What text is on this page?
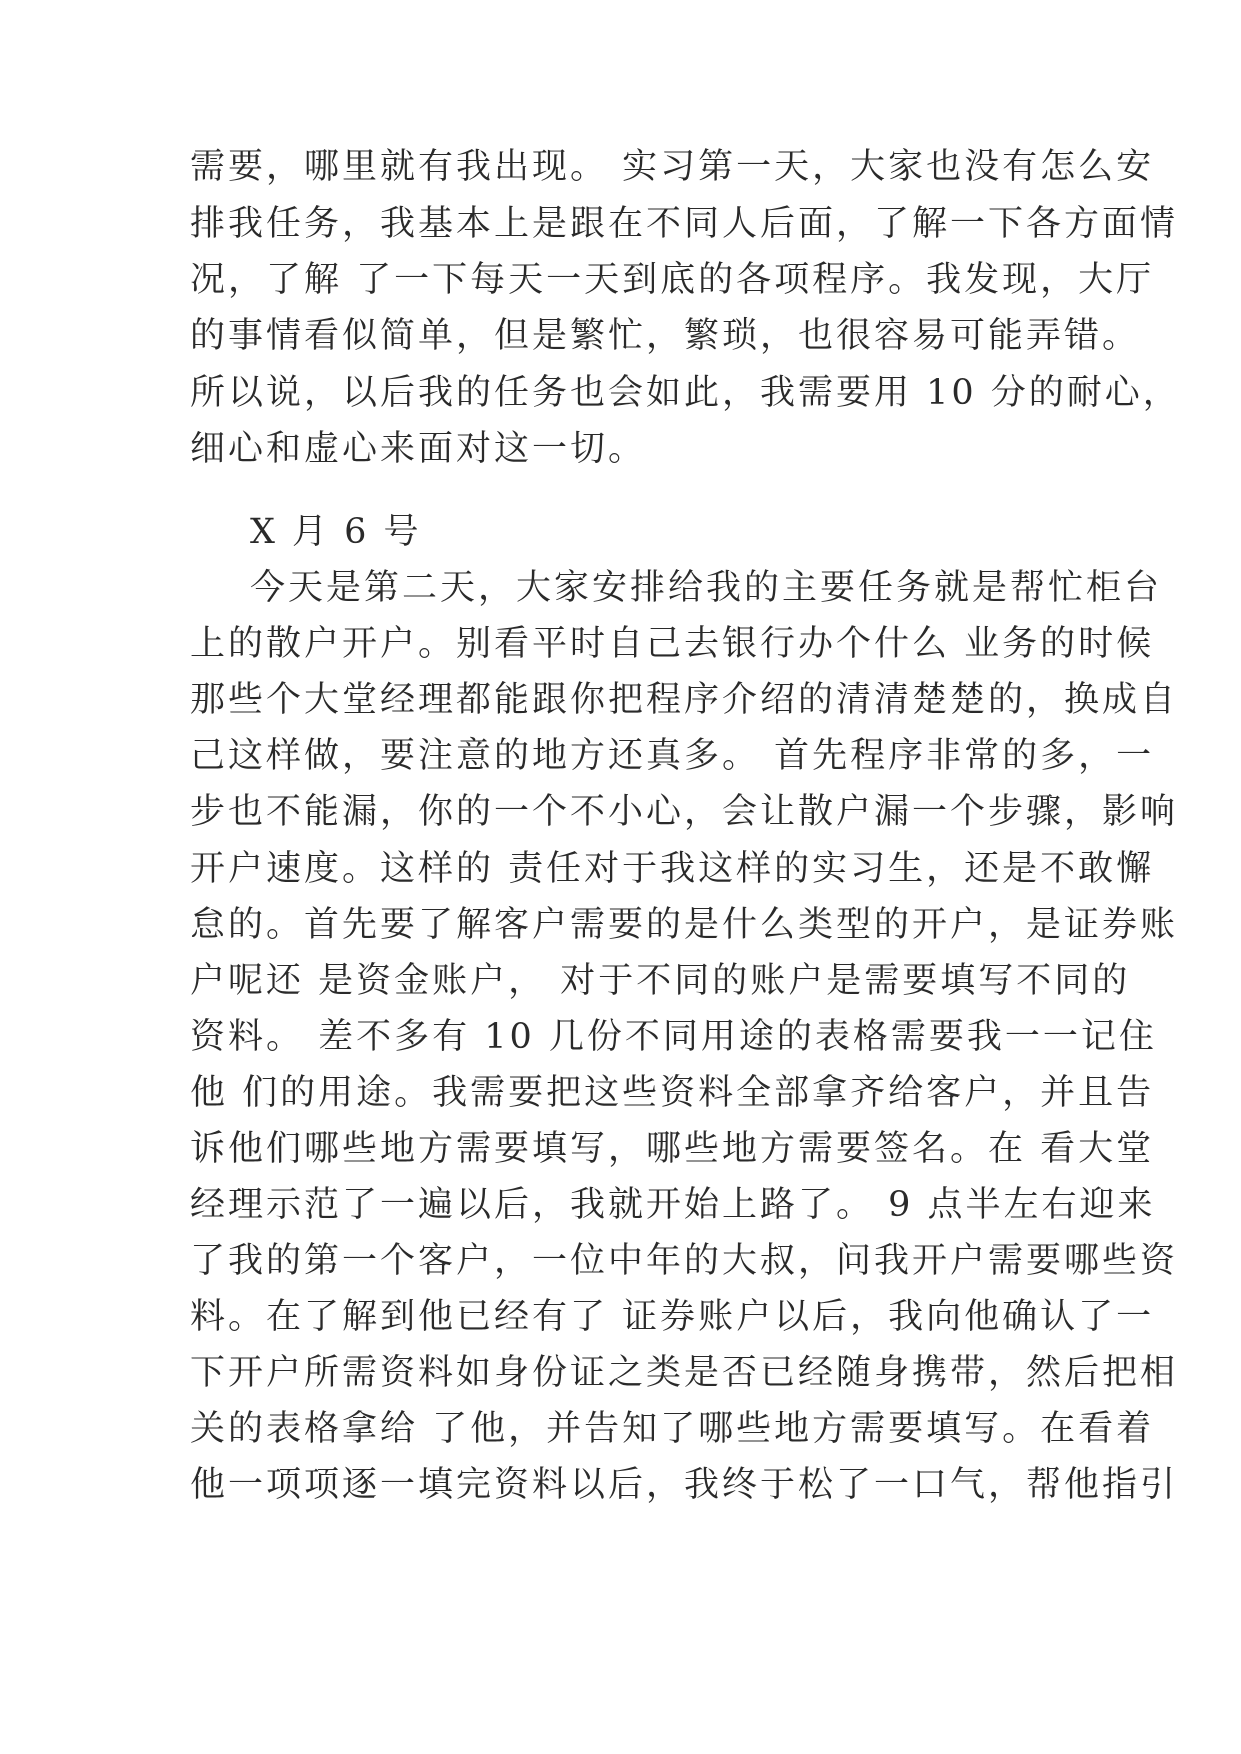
需要，哪里就有我出现。 实习第一天，大家也没有怎么安
排我任务，我基本上是跟在不同人后面，了解一下各方面情
况，了解 了一下每天一天到底的各项程序。我发现，大厅
的事情看似简单，但是繁忙，繁琐，也很容易可能弄错。
所以说，以后我的任务也会如此，我需要用 10 分的耐心，
细心和虚心来面对这一切。
X 月 6 号
今天是第二天，大家安排给我的主要任务就是帮忙柜台
上的散户开户。别看平时自己去银行办个什么 业务的时候
那些个大堂经理都能跟你把程序介绍的清清楚楚的，换成自
己这样做，要注意的地方还真多。 首先程序非常的多，一
步也不能漏，你的一个不小心，会让散户漏一个步骤，影响
开户速度。这样的 责任对于我这样的实习生，还是不敢懈
怠的。首先要了解客户需要的是什么类型的开户，是证券账
户呢还 是资金账户， 对于不同的账户是需要填写不同的
资料。 差不多有 10 几份不同用途的表格需要我一一记住
他 们的用途。我需要把这些资料全部拿齐给客户，并且告
诉他们哪些地方需要填写，哪些地方需要签名。在 看大堂
经理示范了一遍以后，我就开始上路了。 9 点半左右迎来
了我的第一个客户，一位中年的大叔，问我开户需要哪些资
料。在了解到他已经有了 证券账户以后，我向他确认了一
下开户所需资料如身份证之类是否已经随身携带，然后把相
关的表格拿给 了他，并告知了哪些地方需要填写。在看着
他一项项逐一填完资料以后，我终于松了一口气，帮他指引
